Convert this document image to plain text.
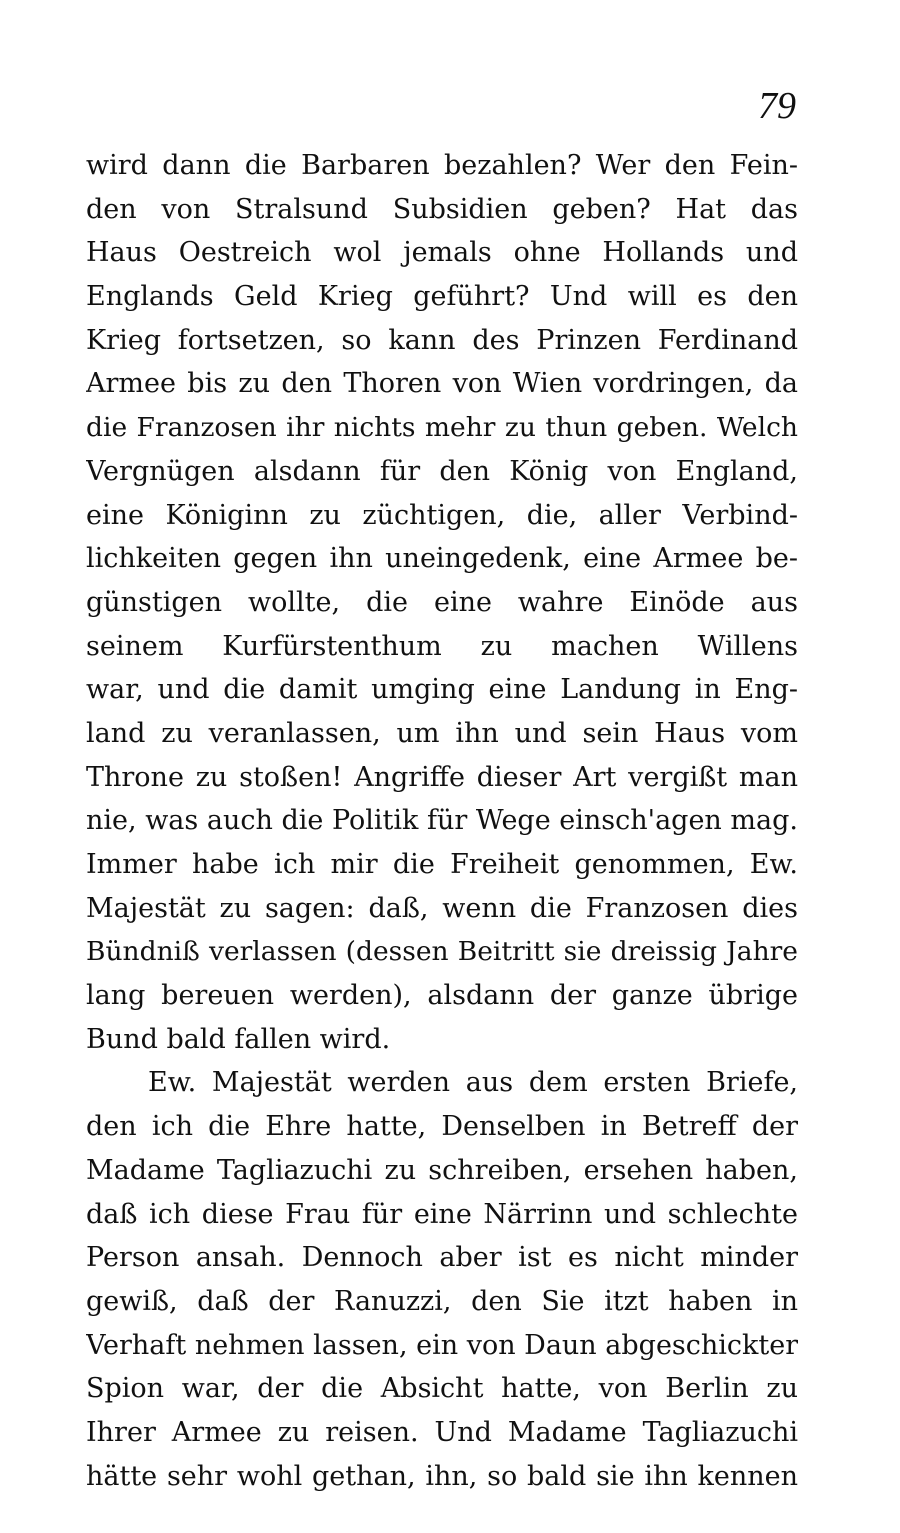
79
wird dann die Barbaren bezahlen? Wer den Fein-
den von Stralsund Subsidien geben? Hat das
Haus Oestreich wol jemals ohne Hollands und
Englands Geld Krieg geführt? Und will es den
Krieg fortsetzen, so kann des Prinzen Ferdinand
Armee bis zu den Thoren von Wien vordringen, da
die Franzosen ihr nichts mehr zu thun geben. Welch
Vergnügen alsdann für den König von England,
eine Königinn zu züchtigen, die, aller Verbind-
lichkeiten gegen ihn uneingedenk, eine Armee be-
günstigen wollte, die eine wahre Einöde aus
seinem Kurfürstenthum zu machen Willens
war, und die damit umging eine Landung in Eng-
land zu veranlassen, um ihn und sein Haus vom
Throne zu stoßen! Angriffe dieser Art vergißt man
nie, was auch die Politik für Wege einsch'agen mag.
Immer habe ich mir die Freiheit genommen, Ew.
Majestät zu sagen: daß, wenn die Franzosen dies
Bündniß verlassen (dessen Beitritt sie dreissig Jahre
lang bereuen werden), alsdann der ganze übrige
Bund bald fallen wird.
Ew. Majestät werden aus dem ersten Briefe,
den ich die Ehre hatte, Denselben in Betreff der
Madame Tagliazuchi zu schreiben, ersehen haben,
daß ich diese Frau für eine Närrinn und schlechte
Person ansah. Dennoch aber ist es nicht minder
gewiß, daß der Ranuzzi, den Sie itzt haben in
Verhaft nehmen lassen, ein von Daun abgeschickter
Spion war, der die Absicht hatte, von Berlin zu
Ihrer Armee zu reisen. Und Madame Tagliazuchi
hätte sehr wohl gethan, ihn, so bald sie ihn kennen
